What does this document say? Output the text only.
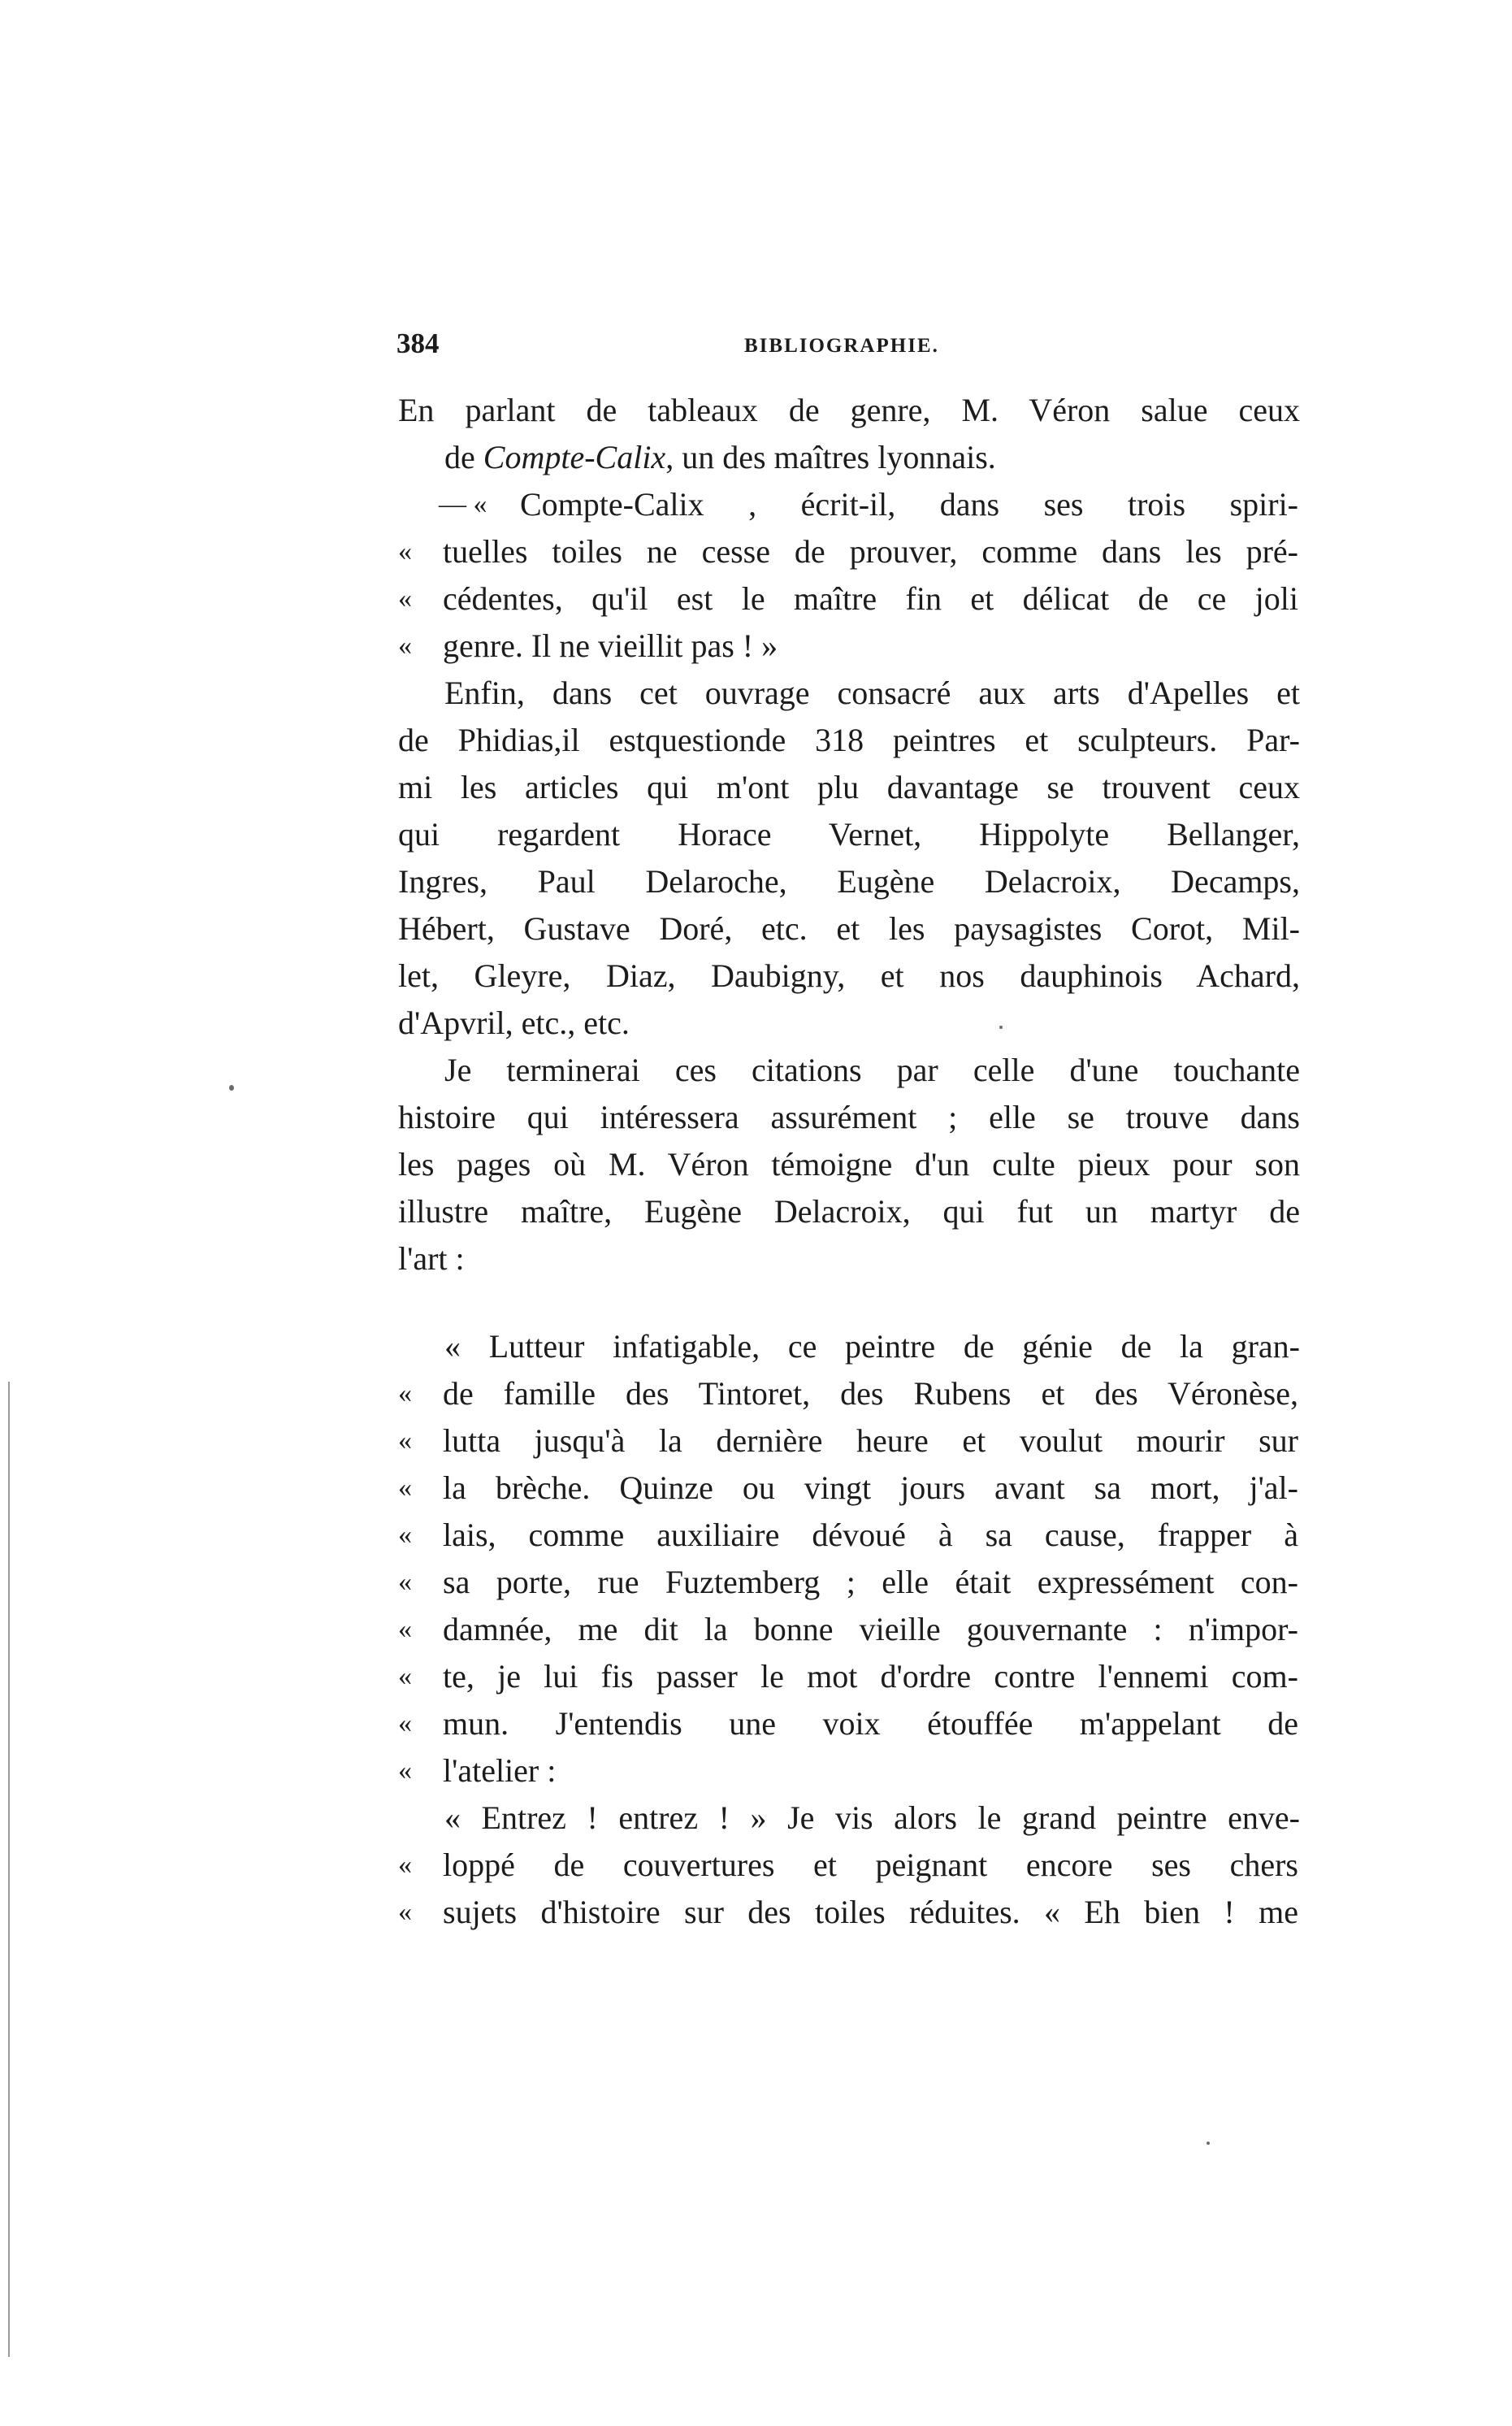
384	BIBLIOGRAPHIE.
En parlant de tableaux de genre, M. Véron salue ceux
de Compte-Calix, un des maîtres lyonnais.
— «	Compte-Calix , écrit-il, dans ses trois spiri-
« tuelles toiles ne cesse de prouver, comme dans les pré-
« cédentes, qu'il est le maître fin et délicat de ce joli
« genre. Il ne vieillit pas ! »
Enfin, dans cet ouvrage consacré aux arts d'Apelles et
de Phidias,il estquestionde 318 peintres et sculpteurs. Par-
mi les articles qui m'ont plu davantage se trouvent ceux
qui regardent Horace Vernet, Hippolyte Bellanger,
Ingres, Paul Delaroche, Eugène Delacroix, Decamps,
Hébert, Gustave Doré, etc. et les paysagistes Corot, Mil-
let, Gleyre, Diaz, Daubigny, et nos dauphinois Achard,
d'Apvril, etc., etc.
Je terminerai ces citations par celle d'une touchante
histoire qui intéressera assurément ; elle se trouve dans
les pages où M. Véron témoigne d'un culte pieux pour son
illustre maître, Eugène Delacroix, qui fut un martyr de
l'art :
« Lutteur infatigable, ce peintre de génie de la gran-
« de famille des Tintoret, des Rubens et des Véronèse,
« lutta jusqu'à la dernière heure et voulut mourir sur
« la brèche. Quinze ou vingt jours avant sa mort, j'al-
« lais, comme auxiliaire dévoué à sa cause, frapper à
« sa porte, rue Fuztemberg ; elle était expressément con-
« damnée, me dit la bonne vieille gouvernante : n'impor-
« te, je lui fis passer le mot d'ordre contre l'ennemi com-
« mun. J'entendis une voix étouffée m'appelant de
« l'atelier :
« Entrez ! entrez ! » Je vis alors le grand peintre enve-
« loppé de couvertures et peignant encore ses chers
« sujets d'histoire sur des toiles réduites. « Eh bien ! me
